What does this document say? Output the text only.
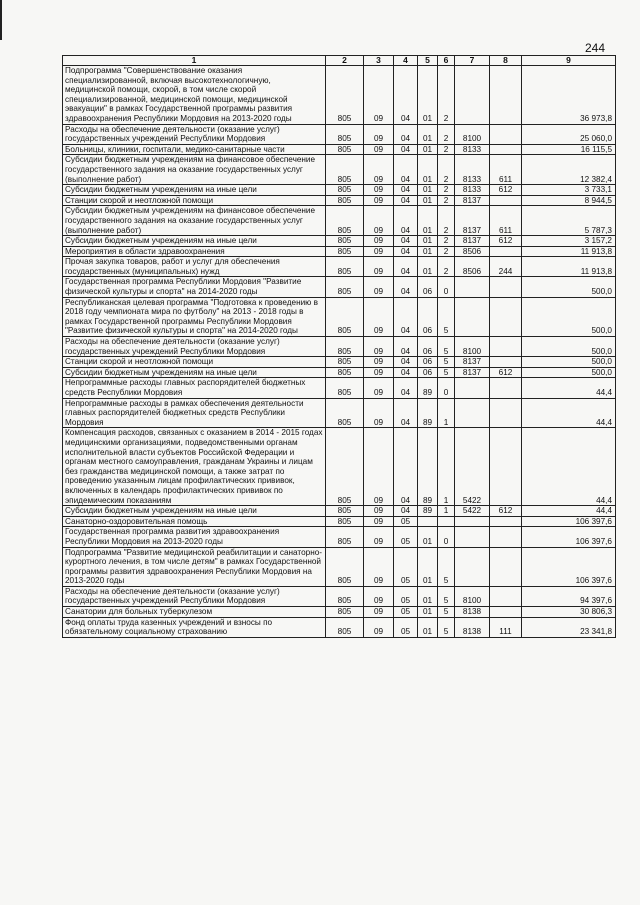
244
1	2	3	4	5	6	7	8	9
Подпрограмма "Совершенствование оказания специализированной, включая высокотехнологичную, медицинской помощи, скорой, в том числе скорой специализированной, медицинской помощи, медицинской эвакуации" в рамках Государственной программы развития здравоохранения Республики Мордовия на 2013-2020 годы	805	09	04	01	2			36 973,8
Расходы на обеспечение деятельности (оказание услуг) государственных учреждений Республики Мордовия	805	09	04	01	2	8100		25 060,0
Больницы, клиники, госпитали, медико-санитарные части	805	09	04	01	2	8133		16 115,5
Субсидии бюджетным учреждениям на финансовое обеспечение государственного задания на оказание государственных услуг (выполнение работ)	805	09	04	01	2	8133	611	12 382,4
Субсидии бюджетным учреждениям на иные цели	805	09	04	01	2	8133	612	3 733,1
Станции скорой и неотложной помощи	805	09	04	01	2	8137		8 944,5
Субсидии бюджетным учреждениям на финансовое обеспечение государственного задания на оказание государственных услуг (выполнение работ)	805	09	04	01	2	8137	611	5 787,3
Субсидии бюджетным учреждениям на иные цели	805	09	04	01	2	8137	612	3 157,2
Мероприятия в области здравоохранения	805	09	04	01	2	8506		11 913,8
Прочая закупка товаров, работ и услуг для обеспечения государственных (муниципальных) нужд	805	09	04	01	2	8506	244	11 913,8
Государственная программа Республики Мордовия "Развитие физической культуры и спорта" на 2014-2020 годы	805	09	04	06	0			500,0
Республиканская целевая программа "Подготовка к проведению в 2018 году чемпионата мира по футболу" на 2013 - 2018 годы в рамках Государственной программы Республики Мордовия "Развитие физической культуры и спорта" на 2014-2020 годы	805	09	04	06	5			500,0
Расходы на обеспечение деятельности (оказание услуг) государственных учреждений Республики Мордовия	805	09	04	06	5	8100		500,0
Станции скорой и неотложной помощи	805	09	04	06	5	8137		500,0
Субсидии бюджетным учреждениям на иные цели	805	09	04	06	5	8137	612	500,0
Непрограммные расходы главных распорядителей бюджетных средств Республики Мордовия	805	09	04	89	0			44,4
Непрограммные расходы в рамках обеспечения деятельности главных распорядителей бюджетных средств Республики Мордовия	805	09	04	89	1			44,4
Компенсация расходов, связанных с оказанием в 2014 - 2015 годах медицинскими организациями, подведомственными органам исполнительной власти субъектов Российской Федерации и органам местного самоуправления, гражданам Украины и лицам без гражданства медицинской помощи, а также затрат по проведению указанным лицам профилактических прививок, включенных в календарь профилактических прививок по эпидемическим показаниям	805	09	04	89	1	5422		44,4
Субсидии бюджетным учреждениям на иные цели	805	09	04	89	1	5422	612	44,4
Санаторно-оздоровительная помощь	805	09	05					106 397,6
Государственная программа развития здравоохранения Республики Мордовия на 2013-2020 годы	805	09	05	01	0			106 397,6
Подпрограмма "Развитие медицинской реабилитации и санаторно-курортного лечения, в том числе детям" в рамках Государственной программы развития здравоохранения Республики Мордовия на 2013-2020 годы	805	09	05	01	5			106 397,6
Расходы на обеспечение деятельности (оказание услуг) государственных учреждений Республики Мордовия	805	09	05	01	5	8100		94 397,6
Санатории для больных туберкулезом	805	09	05	01	5	8138		30 806,3
Фонд оплаты труда казенных учреждений и взносы по обязательному социальному страхованию	805	09	05	01	5	8138	111	23 341,8
